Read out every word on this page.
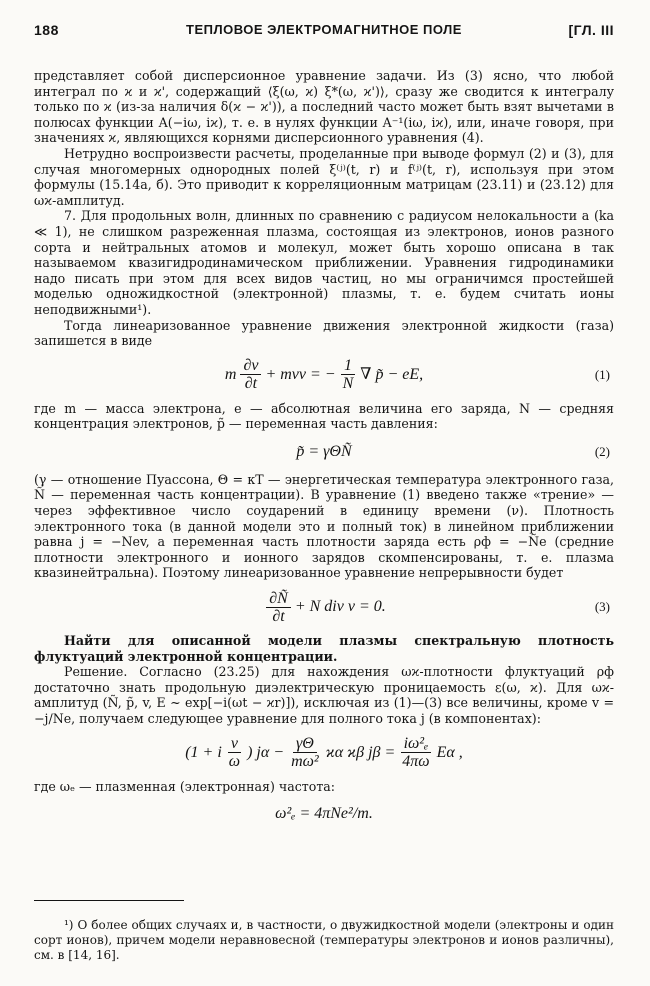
188	ТЕПЛОВОЕ ЭЛЕКТРОМАГНИТНОЕ ПОЛЕ	[ГЛ. III

представляет собой дисперсионное уравнение задачи. Из (3) ясно, что любой интеграл по ϰ и ϰ', содержащий ⟨ξ(ω, ϰ) ξ*(ω, ϰ')⟩, сразу же сводится к интегралу только по ϰ (из-за наличия δ(ϰ − ϰ')), а последний часто может быть взят вычетами в полюсах функции A(−iω, iϰ), т. е. в нулях функции A⁻¹(iω, iϰ), или, иначе говоря, при значениях ϰ, являющихся корнями дисперсионного уравнения (4).

Нетрудно воспроизвести расчеты, проделанные при выводе формул (2) и (3), для случая многомерных однородных полей ξ⁽ʲ⁾(t, r) и f⁽ʲ⁾(t, r), используя при этом формулы (15.14а, б). Это приводит к корреляционным матрицам (23.11) и (23.12) для ωϰ-амплитуд.

7. Для продольных волн, длинных по сравнению с радиусом нелокальности a (ka ≪ 1), не слишком разреженная плазма, состоящая из электронов, ионов разного сорта и нейтральных атомов и молекул, может быть хорошо описана в так называемом квазигидродинамическом приближении. Уравнения гидродинамики надо писать при этом для всех видов частиц, но мы ограничимся простейшей моделью одножидкостной (электронной) плазмы, т. е. будем считать ионы неподвижными¹).

Тогда линеаризованное уравнение движения электронной жидкости (газа) запишется в виде

m $\frac{\partial v}{\partial t} + m\nu v$ = − $\frac{1}{N}$ ∇ p̃ − eE,	(1)

где m — масса электрона, e — абсолютная величина его заряда, N — средняя концентрация электронов, p̃ — переменная часть давления:

p̃ = γΘÑ	(2)

(γ — отношение Пуассона, Θ = κT — энергетическая температура электронного газа, Ñ — переменная часть концентрации). В уравнение (1) введено также «трение» — через эффективное число соударений в единицу времени (ν). Плотность электронного тока (в данной модели это и полный ток) в линейном приближении равна j = −Nev, а переменная часть плотности заряда есть ρф = −Ñe (средние плотности электронного и ионного зарядов скомпенсированы, т. е. плазма квазинейтральна). Поэтому линеаризованное уравнение непрерывности будет

$\frac{\partial Ñ}{\partial t} + N$ div v = 0.	(3)

Найти для описанной модели плазмы спектральную плотность флуктуаций электронной концентрации.

Решение. Согласно (23.25) для нахождения ωϰ-плотности флуктуаций ρф достаточно знать продольную диэлектрическую проницаемость ε(ω, ϰ). Для ωϰ-амплитуд (Ñ, p̃, v, E ~ exp[−i(ωt − ϰr)]), исключая из (1)—(3) все величины, кроме v = −j/Ne, получаем следующее уравнение для полного тока j (в компонентах):

(1 + i $\frac{\nu}{\omega}$ ) $j\alpha - \frac{\gamma\Theta}{\text{mω²}}$ ϰα ϰβ $j\beta = \frac{\text{iω²ₑ}}{4\pi\omega}$ Eα ,

где ωₑ — плазменная (электронная) частота:

ω²ₑ = 4πNe²/m.

¹) О более общих случаях и, в частности, о двужидкостной модели (электроны и один сорт ионов), причем модели неравновесной (температуры электронов и ионов различны), см. в [14, 16].
